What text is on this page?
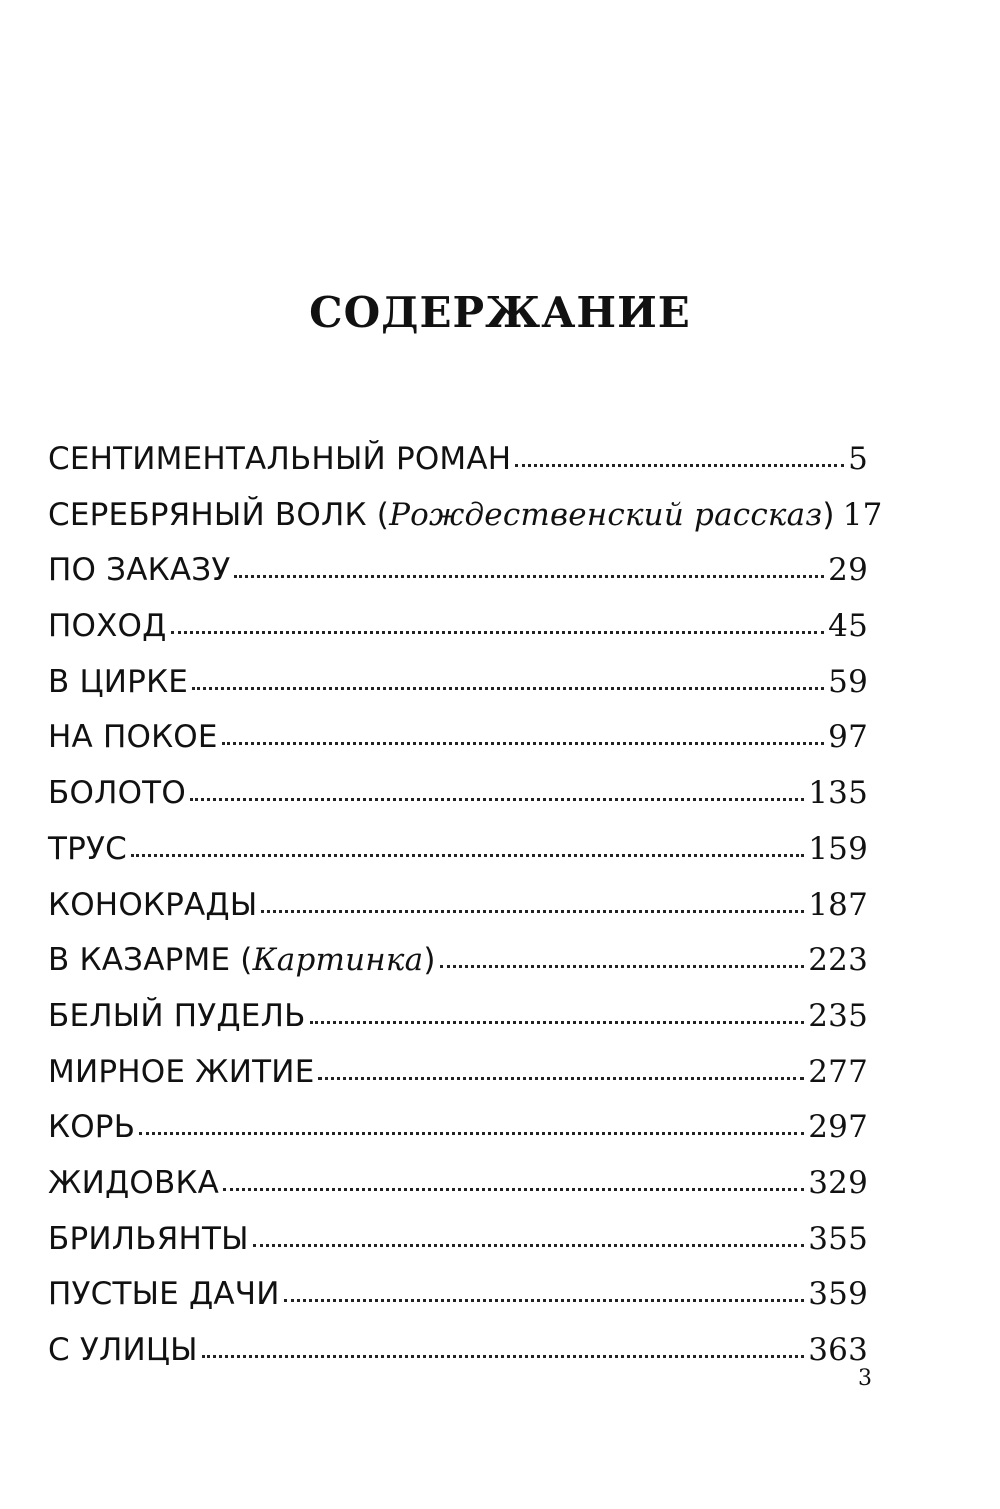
СОДЕРЖАНИЕ
СЕНТИМЕНТАЛЬНЫЙ РОМАН	5
СЕРЕБРЯНЫЙ ВОЛК (Рождественский рассказ) 17
ПО ЗАКАЗУ	29
ПОХОД	45
В ЦИРКЕ	59
НА ПОКОЕ	97
БОЛОТО	135
ТРУС	159
КОНОКРАДЫ	187
В КАЗАРМЕ (Картинка)	223
БЕЛЫЙ ПУДЕЛЬ	235
МИРНОЕ ЖИТИЕ	277
КОРЬ	297
ЖИДОВКА	329
БРИЛЬЯНТЫ	355
ПУСТЫЕ ДАЧИ	359
С УЛИЦЫ	363
3
